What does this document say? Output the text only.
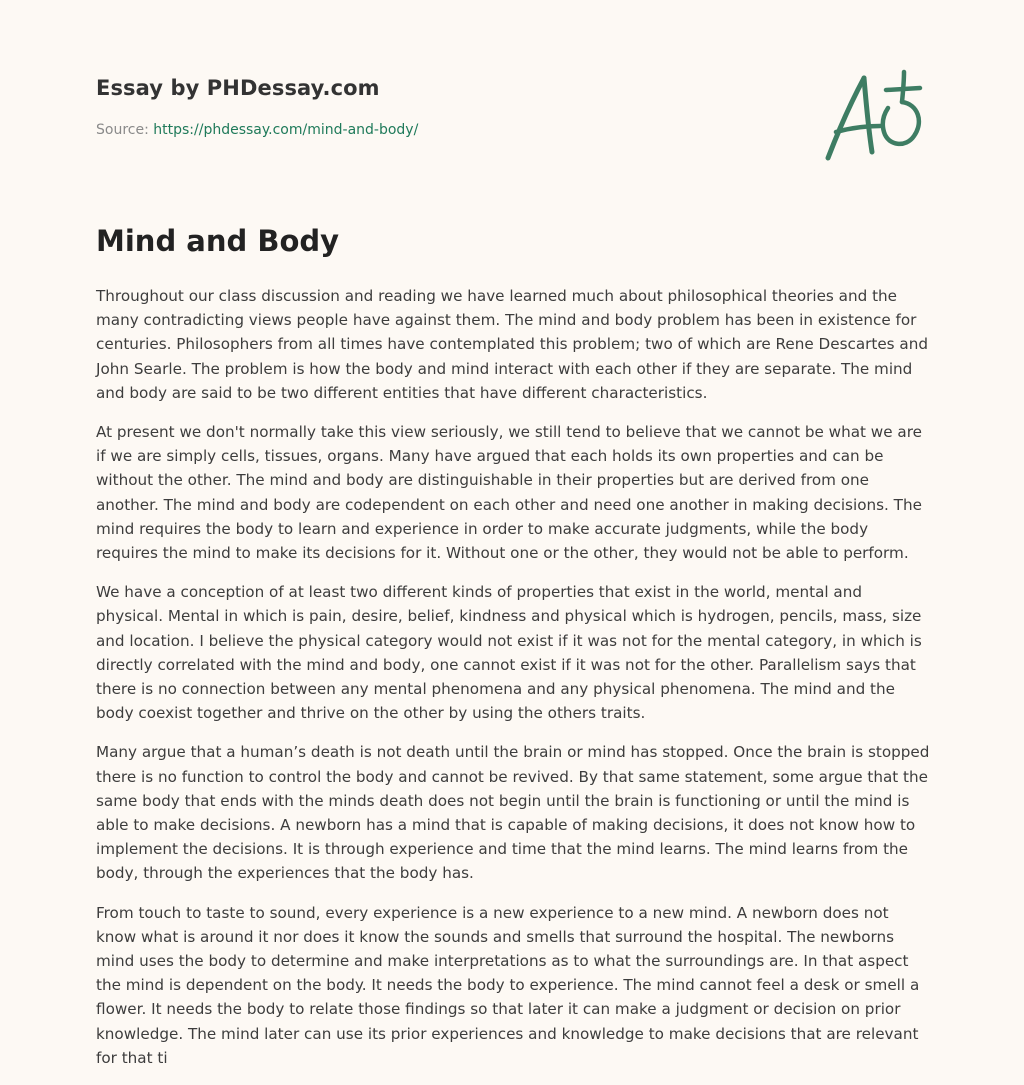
Essay by PHDessay.com
Source: https://phdessay.com/mind-and-body/
Mind and Body

Throughout our class discussion and reading we have learned much about philosophical theories and the many contradicting views people have against them. The mind and body problem has been in existence for centuries. Philosophers from all times have contemplated this problem; two of which are Rene Descartes and John Searle. The problem is how the body and mind interact with each other if they are separate. The mind and body are said to be two different entities that have different characteristics.

At present we don't normally take this view seriously, we still tend to believe that we cannot be what we are if we are simply cells, tissues, organs. Many have argued that each holds its own properties and can be without the other. The mind and body are distinguishable in their properties but are derived from one another. The mind and body are codependent on each other and need one another in making decisions. The mind requires the body to learn and experience in order to make accurate judgments, while the body requires the mind to make its decisions for it. Without one or the other, they would not be able to perform.

We have a conception of at least two different kinds of properties that exist in the world, mental and physical. Mental in which is pain, desire, belief, kindness and physical which is hydrogen, pencils, mass, size and location. I believe the physical category would not exist if it was not for the mental category, in which is directly correlated with the mind and body, one cannot exist if it was not for the other. Parallelism says that there is no connection between any mental phenomena and any physical phenomena. The mind and the body coexist together and thrive on the other by using the others traits.

Many argue that a human’s death is not death until the brain or mind has stopped. Once the brain is stopped there is no function to control the body and cannot be revived. By that same statement, some argue that the same body that ends with the minds death does not begin until the brain is functioning or until the mind is able to make decisions. A newborn has a mind that is capable of making decisions, it does not know how to implement the decisions. It is through experience and time that the mind learns. The mind learns from the body, through the experiences that the body has.

From touch to taste to sound, every experience is a new experience to a new mind. A newborn does not know what is around it nor does it know the sounds and smells that surround the hospital. The newborns mind uses the body to determine and make interpretations as to what the surroundings are. In that aspect the mind is dependent on the body. It needs the body to experience. The mind cannot feel a desk or smell a flower. It needs the body to relate those findings so that later it can make a judgment or decision on prior knowledge. The mind later can use its prior experiences and knowledge to make decisions that are relevant for that ti
